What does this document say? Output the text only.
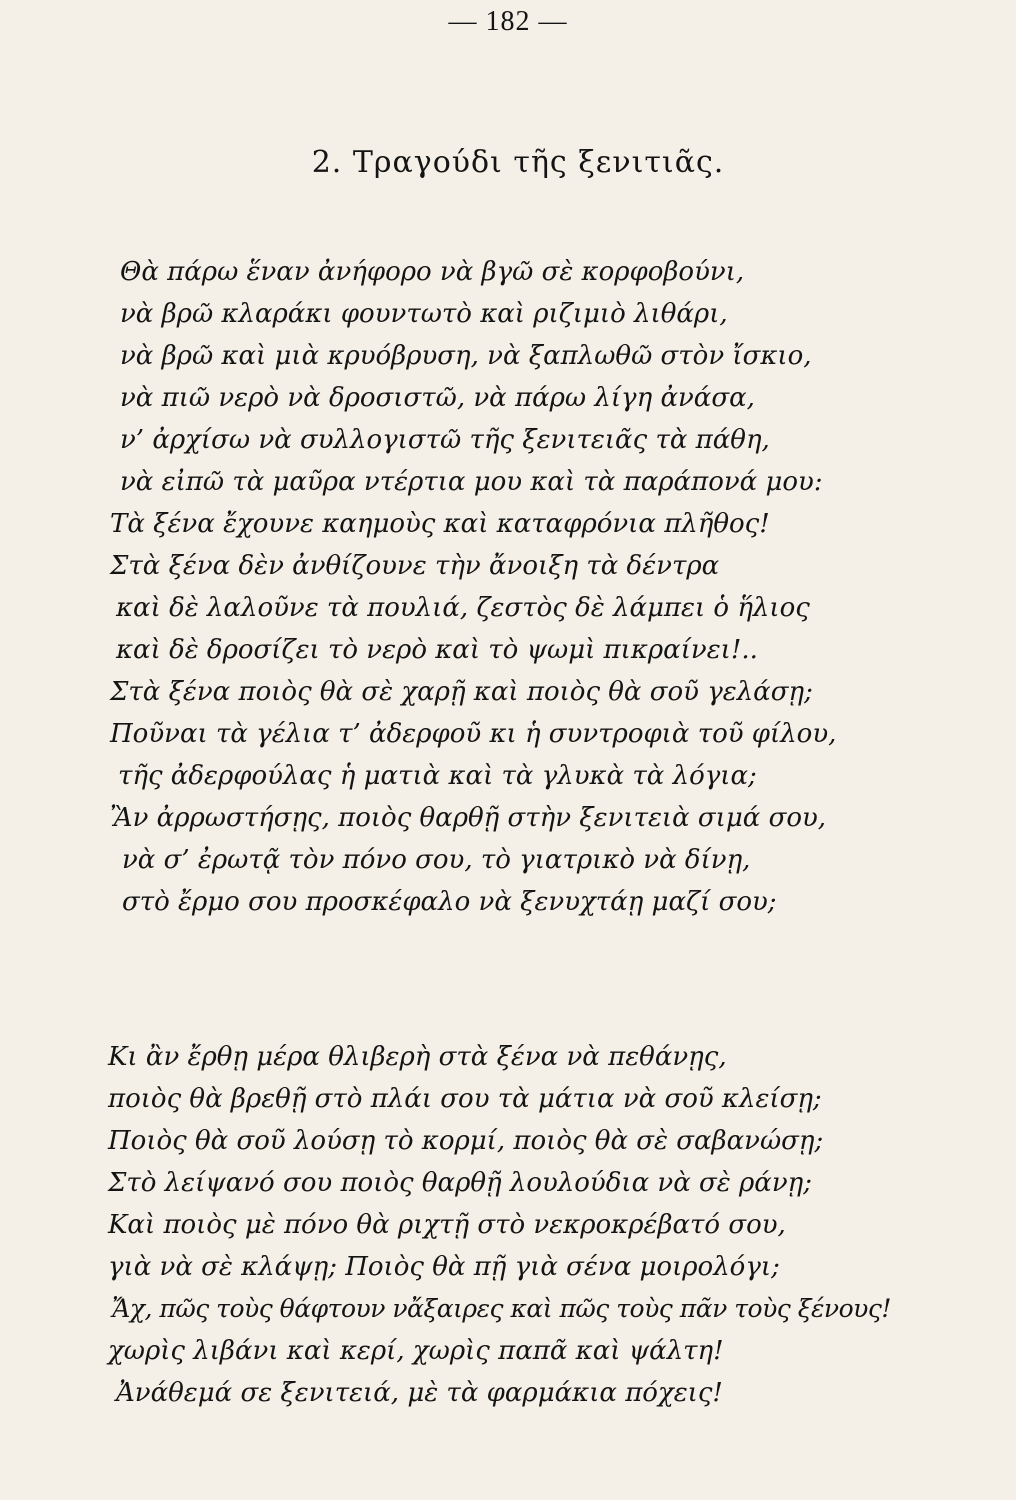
— 182 —
2. Τραγούδι τῆς ξενιτιᾶς.
Θὰ πάρω ἕναν ἀνήφορο νὰ βγῶ σὲ κορφοβούνι,
νὰ βρῶ κλαράκι φουντωτὸ καὶ ριζιμιὸ λιθάρι,
νὰ βρῶ καὶ μιὰ κρυόβρυση, νὰ ξαπλωθῶ στὸν ἴσκιο,
νὰ πιῶ νερὸ νὰ δροσιστῶ, νὰ πάρω λίγη ἀνάσα,
ν’ ἀρχίσω νὰ συλλογιστῶ τῆς ξενιτειᾶς τὰ πάθη,
νὰ εἰπῶ τὰ μαῦρα ντέρτια μου καὶ τὰ παράπονά μου:
Τὰ ξένα ἔχουνε καημοὺς καὶ καταφρόνια πλῆθος!
Στὰ ξένα δὲν ἀνθίζουνε τὴν ἄνοιξη τὰ δέντρα
καὶ δὲ λαλοῦνε τὰ πουλιά, ζεστὸς δὲ λάμπει ὁ ἥλιος
καὶ δὲ δροσίζει τὸ νερὸ καὶ τὸ ψωμὶ πικραίνει!..
Στὰ ξένα ποιὸς θὰ σὲ χαρῇ καὶ ποιὸς θὰ σοῦ γελάσῃ;
Ποῦναι τὰ γέλια τ’ ἀδερφοῦ κι ἡ συντροφιὰ τοῦ φίλου,
τῆς ἀδερφούλας ἡ ματιὰ καὶ τὰ γλυκὰ τὰ λόγια;
Ἂν ἀρρωστήσῃς, ποιὸς θαρθῇ στὴν ξενιτειὰ σιμά σου,
νὰ σ’ ἐρωτᾷ τὸν πόνο σου, τὸ γιατρικὸ νὰ δίνῃ,
στὸ ἔρμο σου προσκέφαλο νὰ ξενυχτάῃ μαζί σου;
Κι ἂν ἔρθῃ μέρα θλιβερὴ στὰ ξένα νὰ πεθάνῃς,
ποιὸς θὰ βρεθῇ στὸ πλάι σου τὰ μάτια νὰ σοῦ κλείσῃ;
Ποιὸς θὰ σοῦ λούσῃ τὸ κορμί, ποιὸς θὰ σὲ σαβανώσῃ;
Στὸ λείψανό σου ποιὸς θαρθῇ λουλούδια νὰ σὲ ράνῃ;
Καὶ ποιὸς μὲ πόνο θὰ ριχτῇ στὸ νεκροκρέβατό σου,
γιὰ νὰ σὲ κλάψῃ; Ποιὸς θὰ πῇ γιὰ σένα μοιρολόγι;
Ἄχ, πῶς τοὺς θάφτουν νἄξαιρες καὶ πῶς τοὺς πᾶν τοὺς ξένους!
χωρὶς λιβάνι καὶ κερί, χωρὶς παπᾶ καὶ ψάλτη!
Ἀνάθεμά σε ξενιτειά, μὲ τὰ φαρμάκια πόχεις!
